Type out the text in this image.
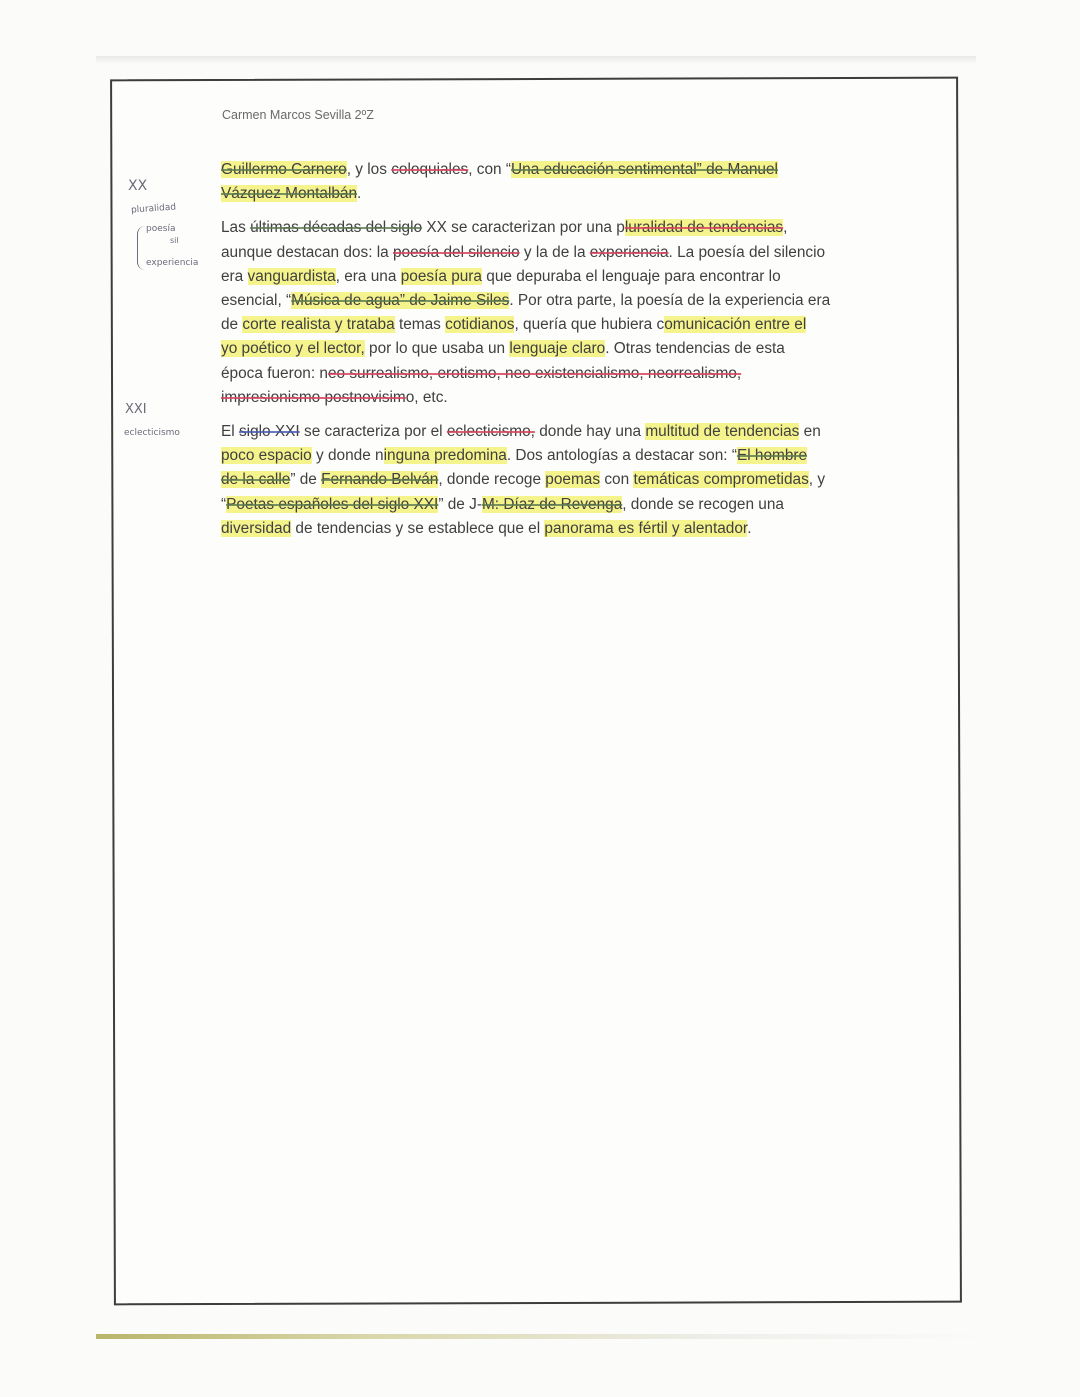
Carmen Marcos Sevilla 2ºZ
XX
pluralidad
poesía
sil
experiencia
XXI
eclecticismo

Guillermo Carnero, y los coloquiales, con “Una educación sentimental” de Manuel
Vázquez Montalbán.

Las últimas décadas del siglo XX se caracterizan por una pluralidad de tendencias,
aunque destacan dos: la poesía del silencio y la de la experiencia. La poesía del silencio
era vanguardista, era una poesía pura que depuraba el lenguaje para encontrar lo
esencial, “Música de agua” de Jaime Siles. Por otra parte, la poesía de la experiencia era
de corte realista y trataba temas cotidianos, quería que hubiera comunicación entre el
yo poético y el lector, por lo que usaba un lenguaje claro. Otras tendencias de esta
época fueron: neo surrealismo, erotismo, neo existencialismo, neorrealismo,
impresionismo postnovisimo, etc.

El siglo XXI se caracteriza por el eclecticismo, donde hay una multitud de tendencias en
poco espacio y donde ninguna predomina. Dos antologías a destacar son: “El hombre
de la calle” de Fernando Belván, donde recoge poemas con temáticas comprometidas, y
“Poetas españoles del siglo XXI” de J-M: Díaz de Revenga, donde se recogen una
diversidad de tendencias y se establece que el panorama es fértil y alentador.
